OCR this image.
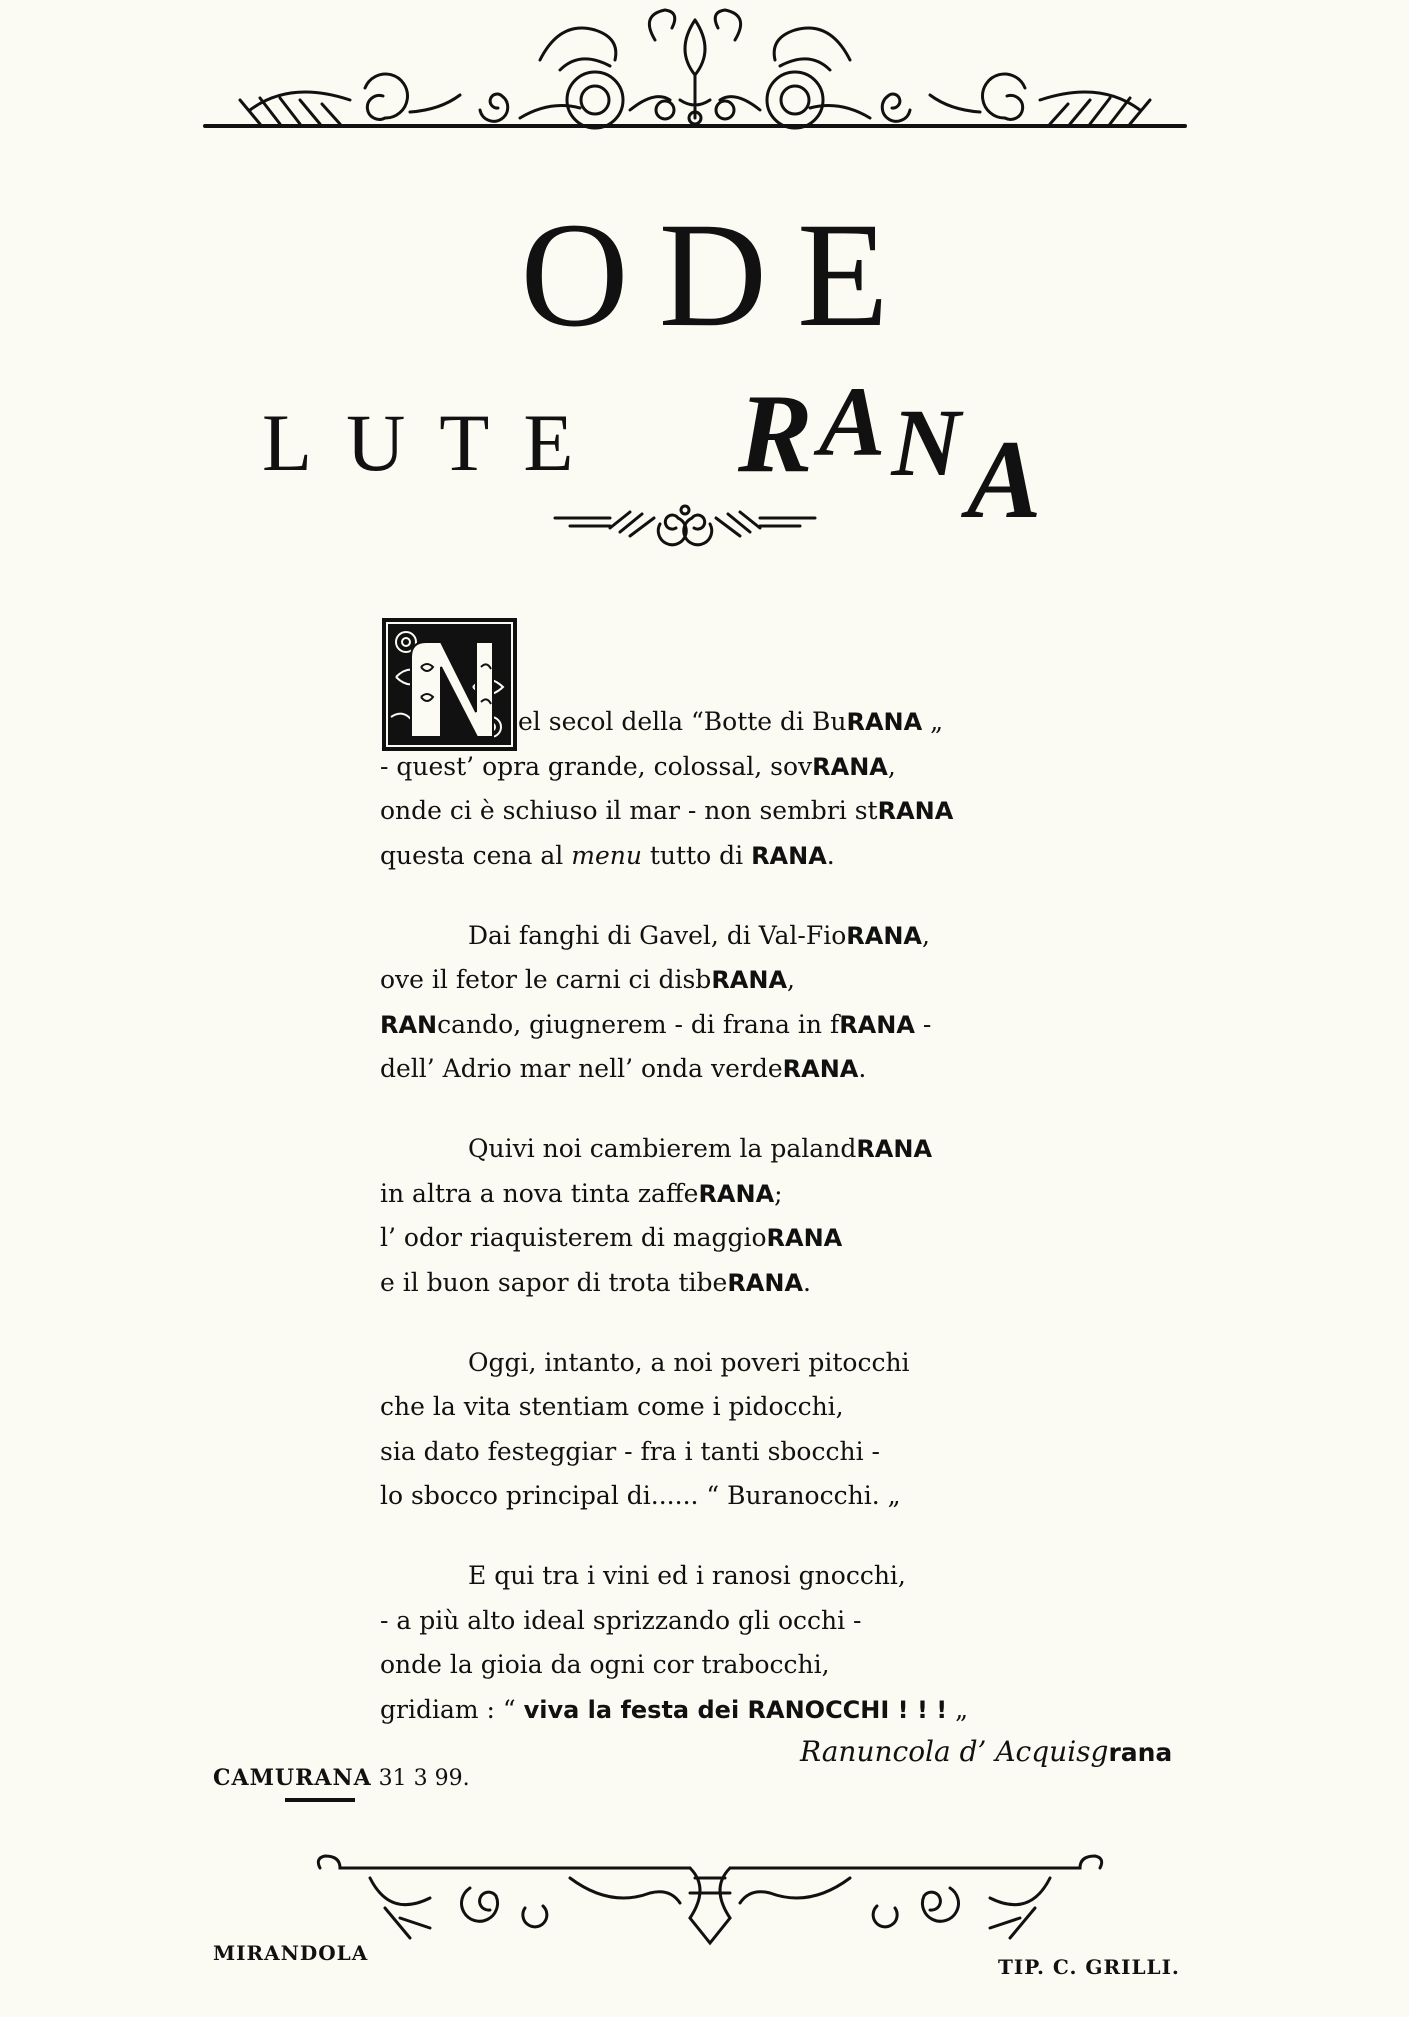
ODE
LUTE RANA
el secol della “Botte di BuRANA „
- quest’ opra grande, colossal, sovRANA,
onde ci è schiuso il mar - non sembri stRANA
questa cena al menu tutto di RANA.
Dai fanghi di Gavel, di Val-FioRANA,
ove il fetor le carni ci disbRANA,
RANcando, giugnerem - di frana in fRANA -
dell’ Adrio mar nell’ onda verdeRANA.
Quivi noi cambierem la palandRANA
in altra a nova tinta zaffeRANA;
l’ odor riaquisterem di maggioRANA
e il buon sapor di trota tibeRANA.
Oggi, intanto, a noi poveri pitocchi
che la vita stentiam come i pidocchi,
sia dato festeggiar - fra i tanti sbocchi -
lo sbocco principal di...... “ Buranocchi. „
E qui tra i vini ed i ranosi gnocchi,
- a più alto ideal sprizzando gli occhi -
onde la gioia da ogni cor trabocchi,
gridiam : “ viva la festa dei RANOCCHI ! ! ! „
Ranuncola d’ Acquisgrana
CAMURANA 31 3 99.
MIRANDOLA
TIP. C. GRILLI.
